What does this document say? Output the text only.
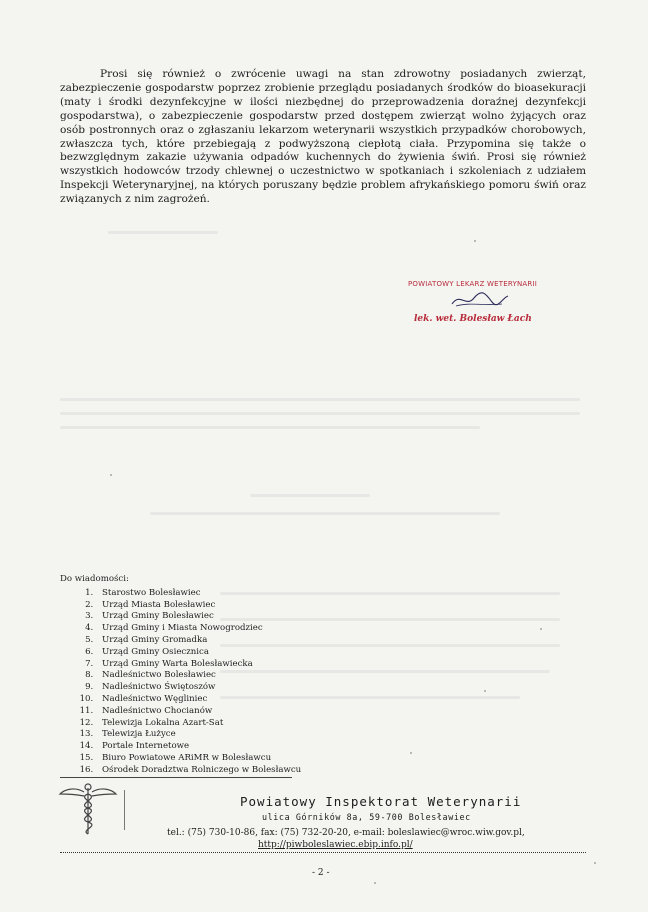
Prosi się również o zwrócenie uwagi na stan zdrowotny posiadanych zwierząt, zabezpieczenie gospodarstw poprzez zrobienie przeglądu posiadanych środków do bioasekuracji (maty i środki dezynfekcyjne w ilości niezbędnej do przeprowadzenia doraźnej dezynfekcji gospodarstwa), o zabezpieczenie gospodarstw przed dostępem zwierząt wolno żyjących oraz osób postronnych oraz o zgłaszaniu lekarzom weterynarii wszystkich przypadków chorobowych, zwłaszcza tych, które przebiegają z podwyższoną ciepłotą ciała. Przypomina się także o bezwzględnym zakazie używania odpadów kuchennych do żywienia świń. Prosi się również wszystkich hodowców trzody chlewnej o uczestnictwo w spotkaniach i szkoleniach z udziałem Inspekcji Weterynaryjnej, na których poruszany będzie problem afrykańskiego pomoru świń oraz związanych z nim zagrożeń.

POWIATOWY LEKARZ WETERYNARII

lek. wet. Bolesław Łach

Do wiadomości:

1. Starostwo Bolesławiec
2. Urząd Miasta Bolesławiec
3. Urząd Gminy Bolesławiec
4. Urząd Gminy i Miasta Nowogrodziec
5. Urząd Gminy Gromadka
6. Urząd Gminy Osiecznica
7. Urząd Gminy Warta Bolesławiecka
8. Nadleśnictwo Bolesławiec
9. Nadleśnictwo Świętoszów
10. Nadleśnictwo Węgliniec
11. Nadleśnictwo Chocianów
12. Telewizja Lokalna Azart-Sat
13. Telewizja Łużyce
14. Portale Internetowe
15. Biuro Powiatowe ARiMR w Bolesławcu
16. Ośrodek Doradztwa Rolniczego w Bolesławcu

Powiatowy Inspektorat Weterynarii

ulica Górników 8a, 59-700 Bolesławiec

tel.: (75) 730-10-86, fax: (75) 732-20-20, e-mail: boleslawiec@wroc.wiw.gov.pl,

http://piwboleslawiec.ebip.info.pl/

- 2 -
